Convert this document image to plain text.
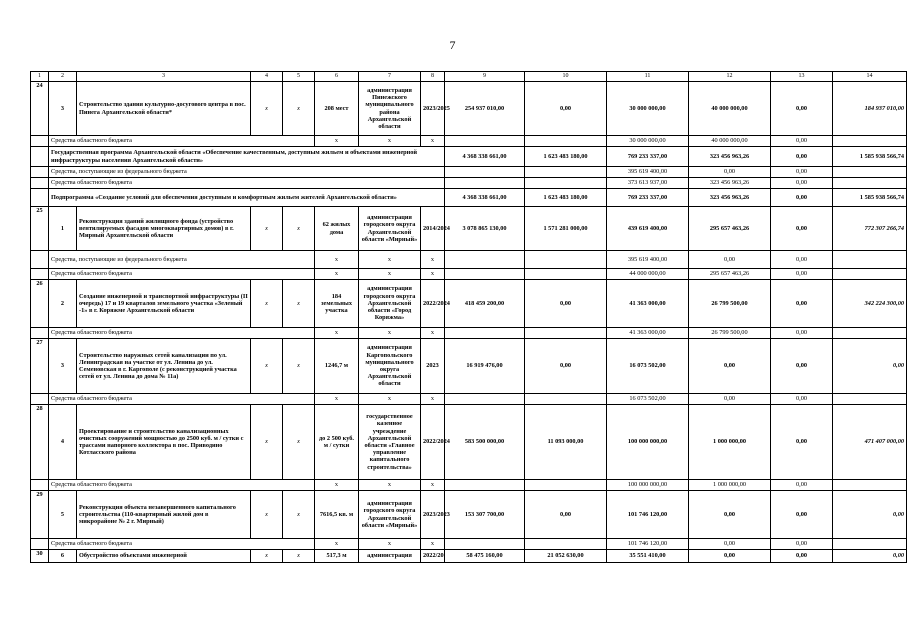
7
1	2	3	4	5	6	7	8	9	10	11	12	13	14
24	3	Строительство здания культурно-досугового центра в пос. Пинега Архангельской области*	x	x	208 мест	администрация Пинежского муниципального района Архангельской области	2023/2025	254 937 010,00	0,00	30 000 000,00	40 000 000,00	0,00	184 937 010,00
	Средства областного бюджета				x	x	x			30 000 000,00	40 000 000,00	0,00	
	Государственная программа Архангельской области «Обеспечение качественным, доступным жильем и объектами инженерной инфраструктуры населения Архангельской области»							4 368 338 661,00	1 623 483 180,00	769 233 337,00	323 456 963,26	0,00	1 585 938 566,74
	Средства, поступающие из федерального бюджета									395 619 400,00	0,00	0,00	
	Средства областного бюджета									373 613 937,00	323 456 963,26	0,00	
	Подпрограмма «Создание условий для обеспечения доступным и комфортным жильем жителей Архангельской области»							4 368 338 661,00	1 623 483 180,00	769 233 337,00	323 456 963,26	0,00	1 585 938 566,74
25	1	Реконструкция зданий жилищного фонда (устройство вентилируемых фасадов многоквартирных домов) в г. Мирный Архангельской области	x	x	62 жилых дома	администрация городского округа Архангельской области «Мирный»	2014/2024	3 078 865 130,00	1 571 281 000,00	439 619 400,00	295 657 463,26	0,00	772 307 266,74
	Средства, поступающие из федерального бюджета				x	x	x			395 619 400,00	0,00	0,00	
	Средства областного бюджета				x	x	x			44 000 000,00	295 657 463,26	0,00	
26	2	Создание инженерной и транспортной инфраструктуры (II очередь) 17 и 19 кварталов земельного участка «Зеленый -1» в г. Коряжме Архангельской области	x	x	184 земельных участка	администрация городского округа Архангельской области «Город Коряжма»	2022/2024	418 459 200,00	0,00	41 363 000,00	26 799 500,00	0,00	342 224 300,00
	Средства областного бюджета				x	x	x			41 363 000,00	26 799 500,00	0,00	
27	3	Строительство наружных сетей канализации по ул. Ленинградская на участке от ул. Ленина до ул. Семеновская в г. Каргополе (с реконструкцией участка сетей от ул. Ленина до дома № 11а)	x	x	1246,7 м	администрация Каргопольского муниципального округа Архангельской области	2023	16 919 476,00	0,00	16 073 502,00	0,00	0,00	0,00
	Средства областного бюджета				x	x	x			16 073 502,00	0,00	0,00	
28	4	Проектирование и строительство канализационных очистных сооружений мощностью до 2500 куб. м / сутки с трассами напорного коллектора в пос. Приводино Котласского района	x	x	до 2 500 куб. м / сутки	государственное казенное учреждение Архангельской области «Главное управление капитального строительства»	2022/2024	583 500 000,00	11 093 000,00	100 000 000,00	1 000 000,00	0,00	471 407 000,00
	Средства областного бюджета				x	x	x			100 000 000,00	1 000 000,00	0,00	
29	5	Реконструкция объекта незавершенного капитального строительства (110-квартирный жилой дом в микрорайоне № 2 г. Мирный)	x	x	7616,5 кв. м	администрация городского округа Архангельской области «Мирный»	2023/2023	153 307 700,00	0,00	101 746 120,00	0,00	0,00	0,00
	Средства областного бюджета				x	x	x			101 746 120,00	0,00	0,00	
30	6	Обустройство объектами инженерной	x	x	517,3 м	администрация	2022/20	58 475 160,00	21 052 630,00	35 551 410,00	0,00	0,00	0,00
